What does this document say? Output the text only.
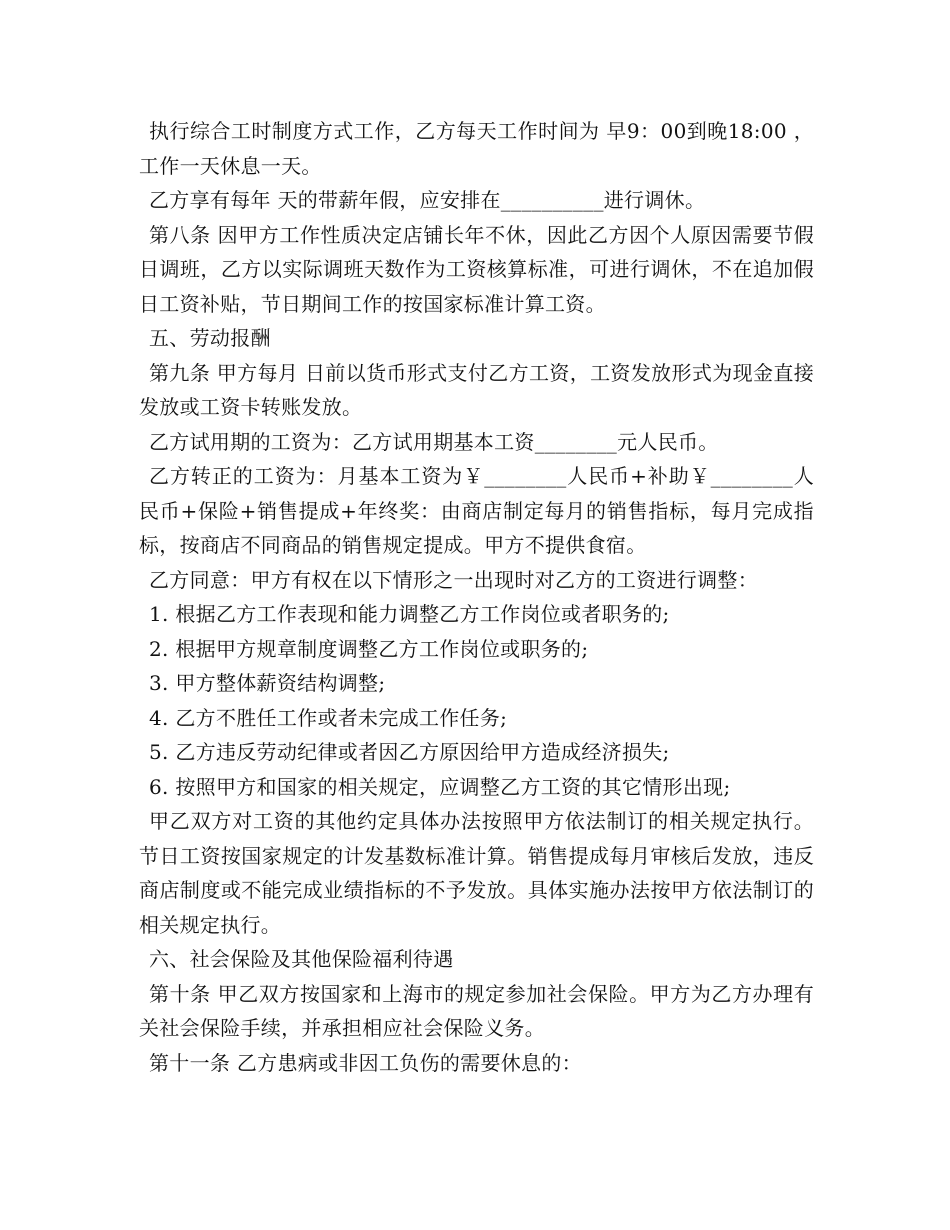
执行综合工时制度方式工作，乙方每天工作时间为 早9：00到晚18:00 ，工作一天休息一天。

乙方享有每年 天的带薪年假，应安排在__________进行调休。

第八条 因甲方工作性质决定店铺长年不休，因此乙方因个人原因需要节假日调班，乙方以实际调班天数作为工资核算标准，可进行调休，不在追加假日工资补贴，节日期间工作的按国家标准计算工资。

五、劳动报酬

第九条 甲方每月 日前以货币形式支付乙方工资，工资发放形式为现金直接发放或工资卡转账发放。

乙方试用期的工资为：乙方试用期基本工资________元人民币。

乙方转正的工资为：月基本工资为￥________人民币+补助￥________人民币+保险+销售提成+年终奖：由商店制定每月的销售指标，每月完成指标，按商店不同商品的销售规定提成。甲方不提供食宿。

乙方同意：甲方有权在以下情形之一出现时对乙方的工资进行调整：

1. 根据乙方工作表现和能力调整乙方工作岗位或者职务的;

2. 根据甲方规章制度调整乙方工作岗位或职务的;

3. 甲方整体薪资结构调整;

4. 乙方不胜任工作或者未完成工作任务;

5. 乙方违反劳动纪律或者因乙方原因给甲方造成经济损失;

6. 按照甲方和国家的相关规定，应调整乙方工资的其它情形出现;

甲乙双方对工资的其他约定具体办法按照甲方依法制订的相关规定执行。节日工资按国家规定的计发基数标准计算。销售提成每月审核后发放，违反商店制度或不能完成业绩指标的不予发放。具体实施办法按甲方依法制订的相关规定执行。

六、社会保险及其他保险福利待遇

第十条 甲乙双方按国家和上海市的规定参加社会保险。甲方为乙方办理有关社会保险手续，并承担相应社会保险义务。

第十一条 乙方患病或非因工负伤的需要休息的：
